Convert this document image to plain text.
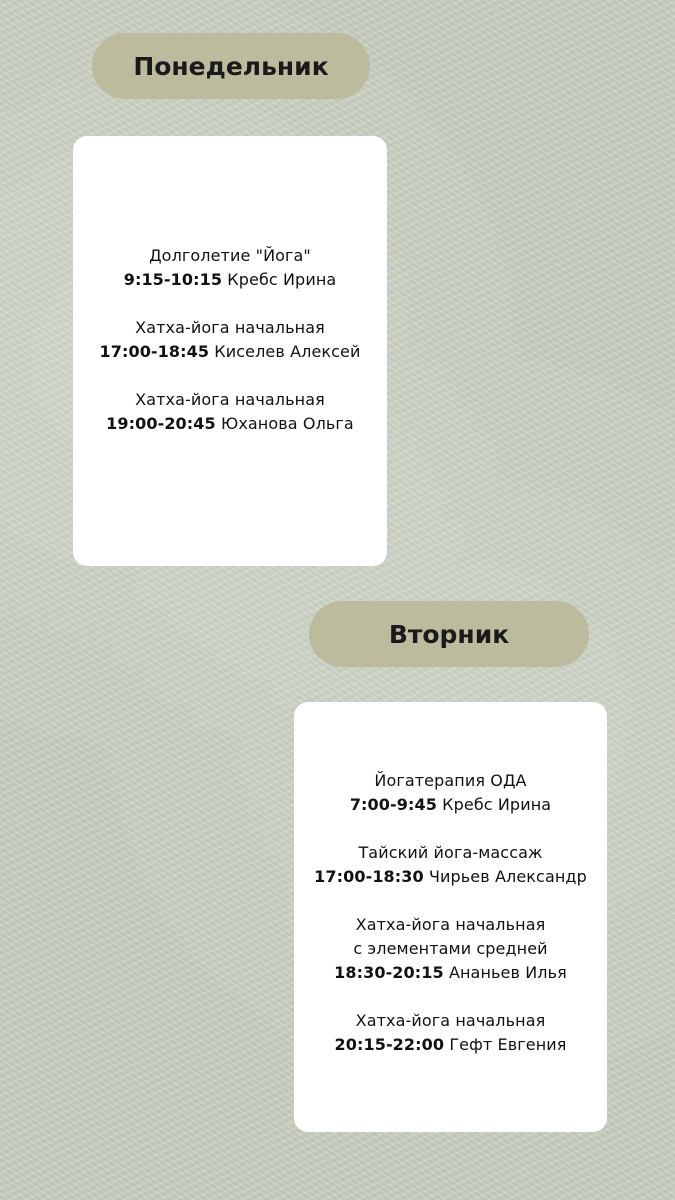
Понедельник
Долголетие "Йога"
9:15-10:15 Кребс Ирина
Хатха-йога начальная
17:00-18:45 Киселев Алексей
Хатха-йога начальная
19:00-20:45 Юханова Ольга
Вторник
Йогатерапия ОДА
7:00-9:45 Кребс Ирина
Тайский йога-массаж
17:00-18:30 Чирьев Александр
Хатха-йога начальная
с элементами средней
18:30-20:15 Ананьев Илья
Хатха-йога начальная
20:15-22:00 Гефт Евгения
